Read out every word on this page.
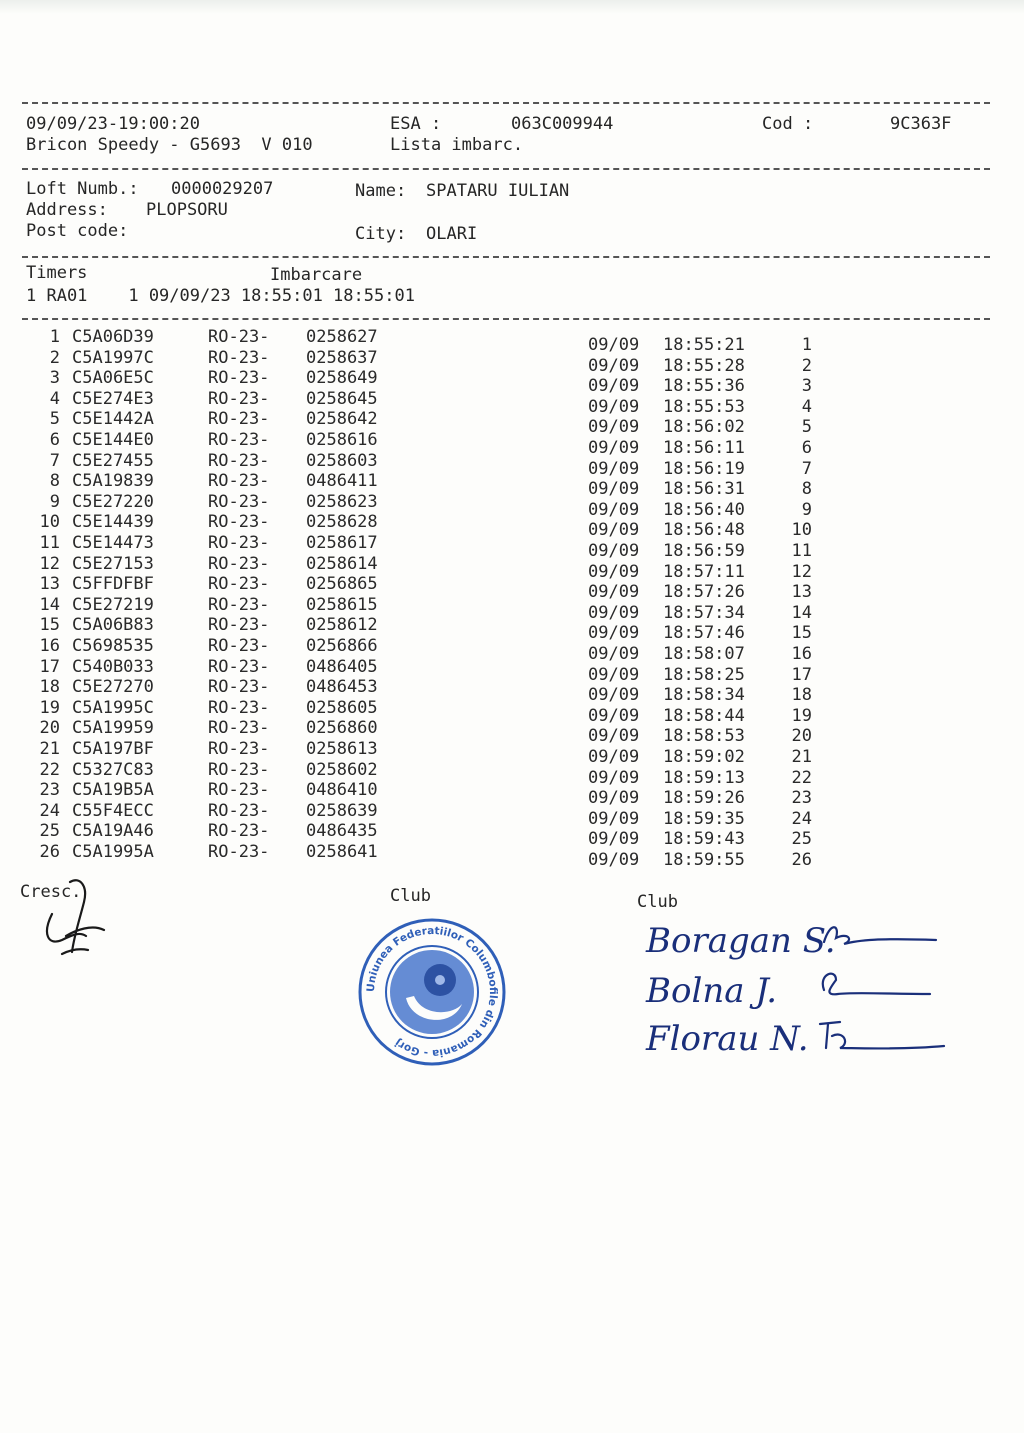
09/09/23-19:00:20	ESA :	063C009944	Cod :	9C363F
Bricon Speedy - G5693  V 010	Lista imbarc.
Loft Numb.: 0000029207	Name: SPATARU IULIAN
Address: PLOPSORU
Post code:	City: OLARI
Timers	Imbarcare
1 RA01    1 09/09/23 18:55:01 18:55:01
1 C5A06D39	RO-23- 0258627	09/09 18:55:21	1
2 C5A1997C	RO-23- 0258637	09/09 18:55:28	2
3 C5A06E5C	RO-23- 0258649	09/09 18:55:36	3
4 C5E274E3	RO-23- 0258645	09/09 18:55:53	4
5 C5E1442A	RO-23- 0258642	09/09 18:56:02	5
6 C5E144E0	RO-23- 0258616	09/09 18:56:11	6
7 C5E27455	RO-23- 0258603	09/09 18:56:19	7
8 C5A19839	RO-23- 0486411	09/09 18:56:31	8
9 C5E27220	RO-23- 0258623	09/09 18:56:40	9
10 C5E14439	RO-23- 0258628	09/09 18:56:48	10
11 C5E14473	RO-23- 0258617	09/09 18:56:59	11
12 C5E27153	RO-23- 0258614	09/09 18:57:11	12
13 C5FFDFBF	RO-23- 0256865	09/09 18:57:26	13
14 C5E27219	RO-23- 0258615	09/09 18:57:34	14
15 C5A06B83	RO-23- 0258612	09/09 18:57:46	15
16 C5698535	RO-23- 0256866	09/09 18:58:07	16
17 C540B033	RO-23- 0486405	09/09 18:58:25	17
18 C5E27270	RO-23- 0486453	09/09 18:58:34	18
19 C5A1995C	RO-23- 0258605	09/09 18:58:44	19
20 C5A19959	RO-23- 0256860	09/09 18:58:53	20
21 C5A197BF	RO-23- 0258613	09/09 18:59:02	21
22 C5327C83	RO-23- 0258602	09/09 18:59:13	22
23 C5A19B5A	RO-23- 0486410	09/09 18:59:26	23
24 C55F4ECC	RO-23- 0258639	09/09 18:59:35	24
25 C5A19A46	RO-23- 0486435	09/09 18:59:43	25
26 C5A1995A	RO-23- 0258641	09/09 18:59:55	26
Cresc.	Club	Club
Uniunea Federatiilor Columbofile din Romania - Gorj
Boragan S.
Bolna J.
Florau N.
